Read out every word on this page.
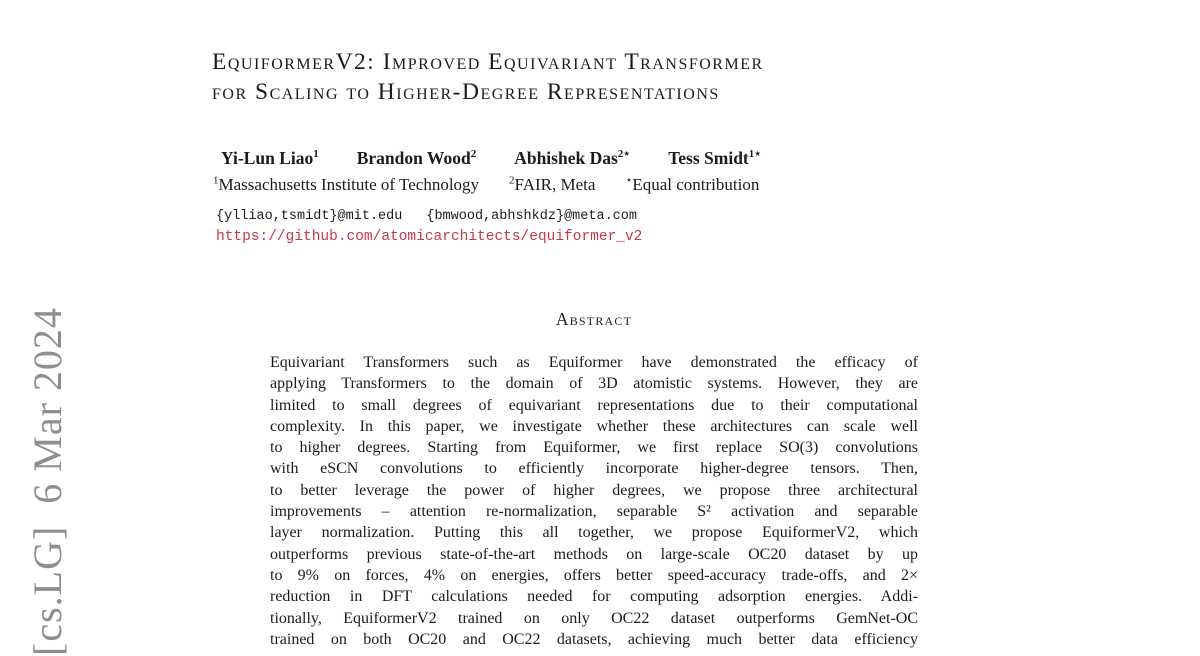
[cs.LG]  6 Mar 2024
EquiformerV2: Improved Equivariant Transformer
for Scaling to Higher-Degree Representations
Yi-Lun Liao$^1$ Brandon Wood$^2$ Abhishek Das$^{2⋆}$ Tess Smidt$^{1⋆}$
$^1$Massachusetts Institute of Technology	$^2$FAIR, Meta	⋆Equal contribution
{ylliao,tsmidt}@mit.edu {bmwood,abhshkdz}@meta.com
https://github.com/atomicarchitects/equiformer_v2
Abstract
Equivariant Transformers such as Equiformer have demonstrated the efficacy of
applying Transformers to the domain of 3D atomistic systems. However, they are
limited to small degrees of equivariant representations due to their computational
complexity. In this paper, we investigate whether these architectures can scale well
to higher degrees. Starting from Equiformer, we first replace SO(3) convolutions
with eSCN convolutions to efficiently incorporate higher-degree tensors. Then,
to better leverage the power of higher degrees, we propose three architectural
improvements – attention re-normalization, separable S² activation and separable
layer normalization. Putting this all together, we propose EquiformerV2, which
outperforms previous state-of-the-art methods on large-scale OC20 dataset by up
to 9% on forces, 4% on energies, offers better speed-accuracy trade-offs, and 2×
reduction in DFT calculations needed for computing adsorption energies. Addi-
tionally, EquiformerV2 trained on only OC22 dataset outperforms GemNet-OC
trained on both OC20 and OC22 datasets, achieving much better data efficiency
